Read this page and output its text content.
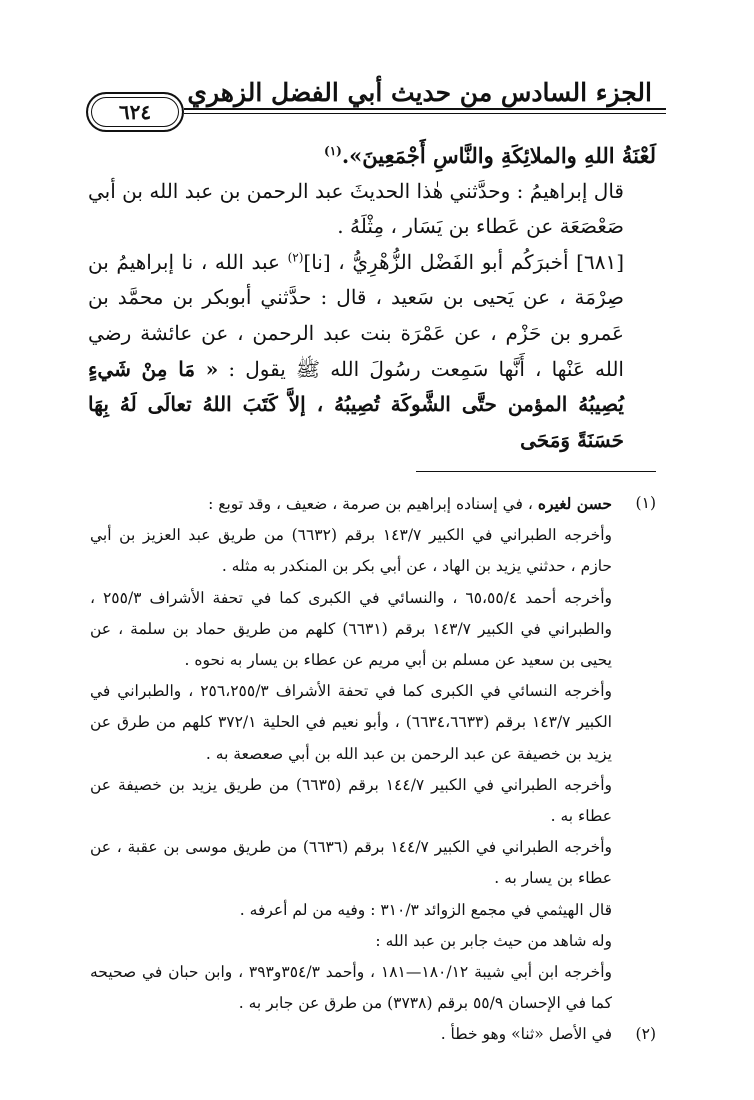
الجزء السادس من حديث أبي الفضل الزهري
٦٢٤

لَعْنَةُ اللهِ والملائِكَةِ والنَّاسِ أَجْمَعِينَ».$^{(١)}$

قال إبراهيمُ : وحدَّثني هٰذا الحديثَ عبد الرحمن بن عبد الله بن أبي صَعْصَعَة عن عَطاء بن يَسَار ، مِثْلَهُ .

[٦٨١] أخبرَكُم أبو الفَضْل الزُّهْرِيُّ ، [نا]$^{(٢)}$ عبد الله ، نا إبراهيمُ بن صِرْمَة ، عن يَحيى بن سَعيد ، قال : حدَّثني أبوبكر بن محمَّد بن عَمرو بن حَزْم ، عن عَمْرَة بنت عبد الرحمن ، عن عائشة رضي الله عَنْها ، أَنَّها سَمِعت رسُولَ الله ﷺ يقول : « مَا مِنْ شَيءٍ يُصِيبُهُ المؤمن حتَّى الشَّوكَة تُصِيبُهُ ، إلاَّ كَتَبَ اللهُ تعالَى لَهُ بِهَا حَسَنَةً وَمَحَى

(١)

حسن لغيره ، في إسناده إبراهيم بن صرمة ، ضعيف ، وقد توبع :

وأخرجه الطبراني في الكبير ١٤٣/٧ برقم (٦٦٣٢) من طريق عبد العزيز بن أبي حازم ، حدثني يزيد بن الهاد ، عن أبي بكر بن المنكدر به مثله .

وأخرجه أحمد ٦٥،٥٥/٤ ، والنسائي في الكبرى كما في تحفة الأشراف ٢٥٥/٣ ، والطبراني في الكبير ١٤٣/٧ برقم (٦٦٣١) كلهم من طريق حماد بن سلمة ، عن يحيى بن سعيد عن مسلم بن أبي مريم عن عطاء بن يسار به نحوه .

وأخرجه النسائي في الكبرى كما في تحفة الأشراف ٢٥٦،٢٥٥/٣ ، والطبراني في الكبير ١٤٣/٧ برقم (٦٦٣٤،٦٦٣٣) ، وأبو نعيم في الحلية ٣٧٢/١ كلهم من طرق عن يزيد بن خصيفة عن عبد الرحمن بن عبد الله بن أبي صعصعة به .

وأخرجه الطبراني في الكبير ١٤٤/٧ برقم (٦٦٣٥) من طريق يزيد بن خصيفة عن عطاء به .

وأخرجه الطبراني في الكبير ١٤٤/٧ برقم (٦٦٣٦) من طريق موسى بن عقبة ، عن عطاء بن يسار به .

قال الهيثمي في مجمع الزوائد ٣١٠/٣ : وفيه من لم أعرفه .

وله شاهد من حيث جابر بن عبد الله :

وأخرجه ابن أبي شيبة ١٨٠/١٢—١٨١ ، وأحمد ٣٥٤/٣و٣٩٣ ، وابن حبان في صحيحه كما في الإحسان ٥٥/٩ برقم (٣٧٣٨) من طرق عن جابر به .

(٢)

في الأصل «ثنا» وهو خطأ .
